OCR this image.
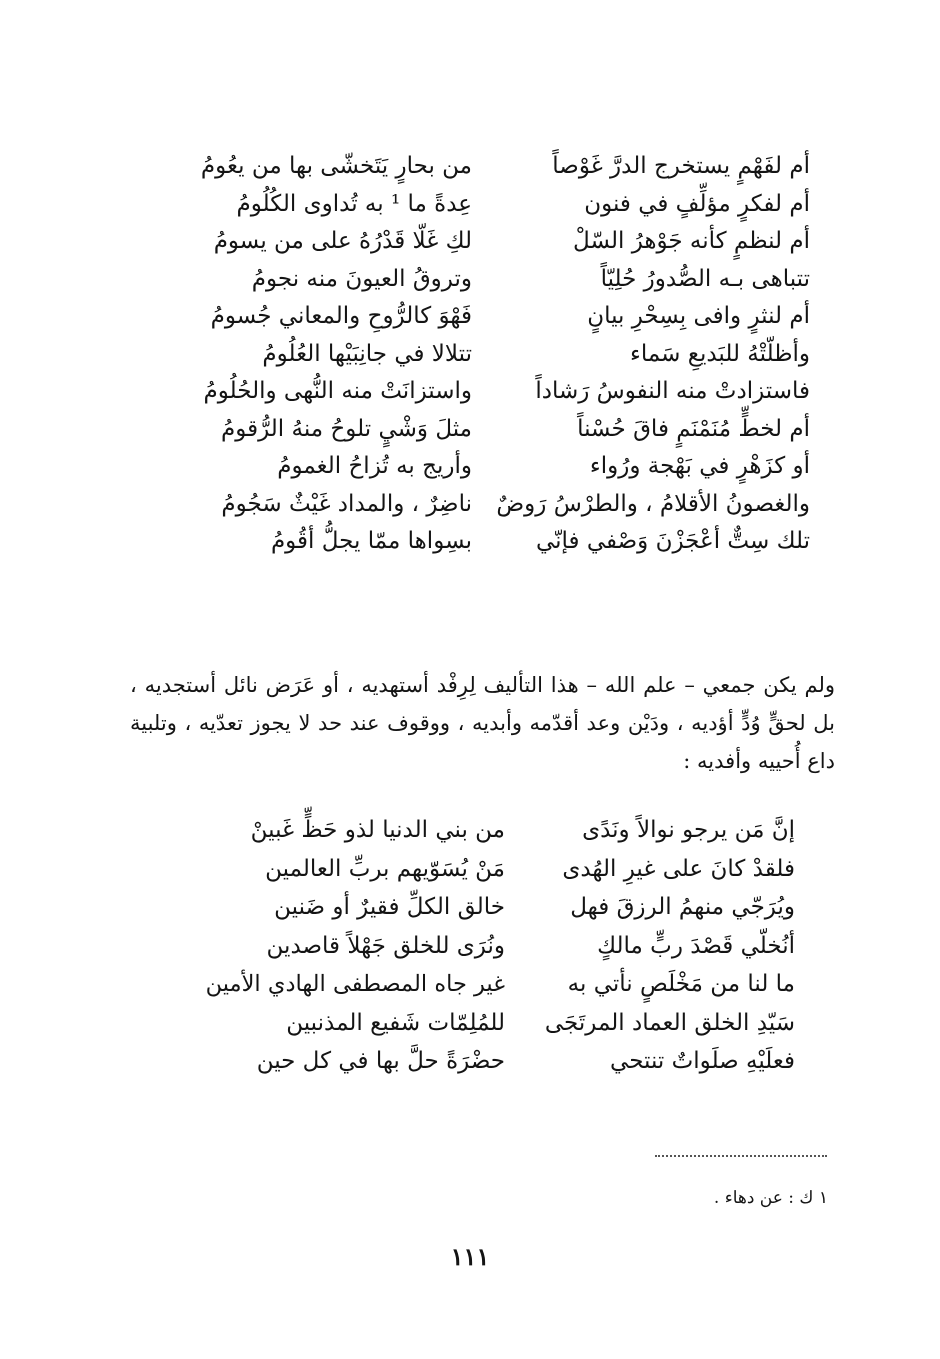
أم لفَهْمٍ يستخرج الدرَّ غَوْصاً
من بحارٍ يَتَخشّى بها من يعُومُ
أم لفكرٍ مؤلِّفٍ في فنون
عِدةً ما ¹ به تُداوى الكُلُومُ
أم لنظمٍ كأنه جَوْهرُ السّلْ
لكِ غَلّا قَدْرُهُ على من يسومُ
تتباهى بـه الصُّدورُ حُلِيّاً
وتروقُ العيونَ منه نجومُ
أم لنثرٍ وافى بِسِحْرِ بيانٍ
فَهْوَ كالرُّوحِ والمعاني جُسومُ
وأظلّتْهُ للبَديعِ سَماء
تتلالا في جانِبَيْها العُلُومُ
فاستزادتْ منه النفوسُ رَشاداً
واستزانَتْ منه النُّهى والحُلُومُ
أم لخطٍّ مُنَمْنَمٍ فاقَ حُسْناً
مثلَ وَشْيٍ تلوحُ منهُ الرُّقومُ
أو كزَهْرٍ في بَهْجة ورُواء
وأريج به تُزاحُ الغمومُ
والغصونُ الأقلامُ ، والطرْسُ رَوضٌ
ناضِرٌ ، والمداد غَيْثٌ سَجُومُ
تلك سِتٌّ أعْجَزْنَ وَصْفي فإنّي
بسِواها ممّا يجلُّ أقُومُ

ولم يكن جمعي – علم الله – هذا التأليف لِرِفْد أستهديه ، أو عَرَض نائل أستجديه ، بل لحقٍّ وُدٍّ أؤديه ، ودَيْن وعد أقدّمه وأبديه ، ووقوف عند حد لا يجوز تعدّيه ، وتلبية داع أُحييه وأفديه :

إنَّ مَن يرجو نوالاً ونَدًى
من بني الدنيا لذو حَظٍّ غَبينْ
فلقدْ كانَ على غيرِ الهُدى
مَنْ يُسَوّيهم بربِّ العالمين
ويُرَجّي منهمُ الرزقَ فهل
خالق الكلِّ فقيرٌ أو ضَنين
أنُخلّي قَصْدَ ربٍّ مالكٍ
ونُرَى للخلق جَهْلاً قاصدين
ما لنا من مَخْلَصٍ نأتي به
غير جاه المصطفى الهادي الأمين
سَيّدِ الخلق العماد المرتَجَى
للمُلِمّات شَفيع المذنبين
فعلَيْهِ صلَواتٌ تنتحي
حضْرَةً حلَّ بها في كل حين
١ ك : عن دهاء .
١١١
